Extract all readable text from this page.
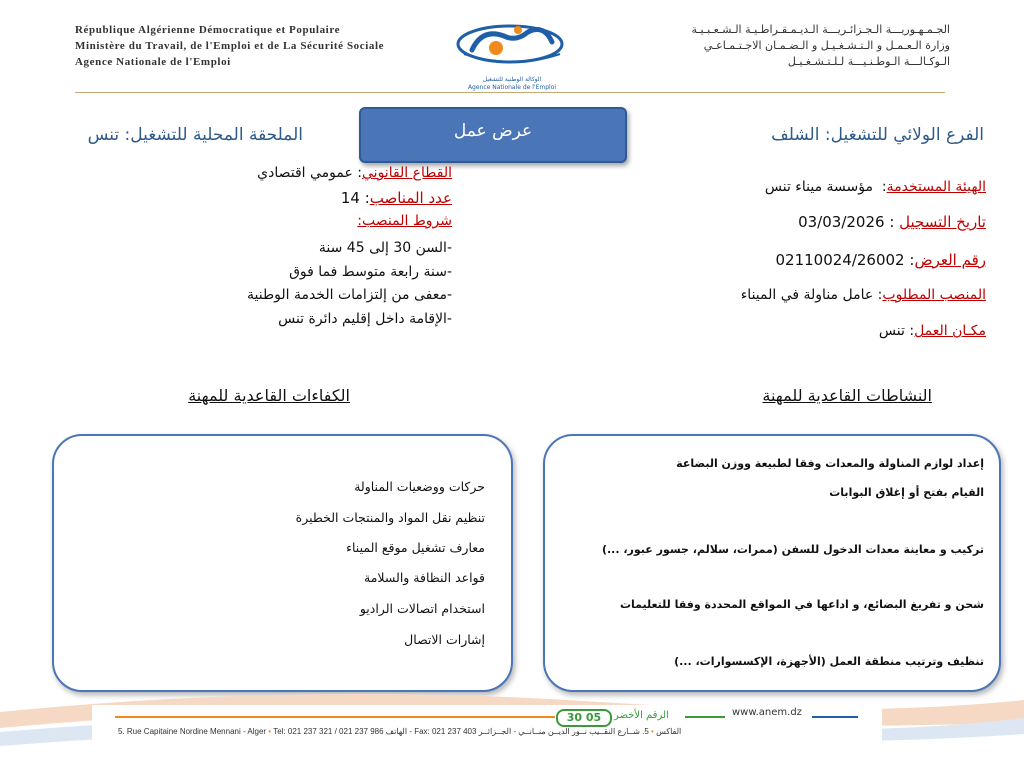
République Algérienne Démocratique et Populaire
Ministère du Travail, de l'Emploi et de La Sécurité Sociale
Agence Nationale de l'Emploi
الوكالة الوطنية للتشغيل
Agence Nationale de l'Emploi
الجـمـهـوريـــة الـجـزائـريـــة الـديـمـقـراطـيـة الـشـعـبـيـة
وزارة الـعـمـل و الـتـشـغـيـل و الـضـمـان الاجـتـمـاعـي
الـوكـالـــة الـوطـنـيـــة لـلـتـشـغـيـل
الفرع الولائي للتشغيل: الشلف
الملحقة المحلية للتشغيل: تنس	عرض عمل
الهيئة المستخدمة:  مؤسسة ميناء تنس
تاريخ التسجيل : 03/03/2026
رقم العرض: 02110024/26002
المنصب المطلوب: عامل مناولة في الميناء
مكـان العمل: تنس
القطاع القانوني: عمومي اقتصادي
عدد المناصب: 14
شروط المنصب:
-السن 30 إلى 45 سنة
-سنة رابعة متوسط فما فوق
-معفى من إلتزامات الخدمة الوطنية
-الإقامة داخل إقليم دائرة تنس
النشاطات القاعدية للمهنة
الكفاءات القاعدية للمهنة
إعداد لوازم المناولة والمعدات وفقا لطبيعة ووزن البضاعة
القيام بفتح أو إغلاق البوابات
تركيب و معاينة معدات الدخول للسفن (ممرات، سلالم، جسور عبور، ...)
شحن و تفريغ البضائع، و اداعها في المواقع المحددة وفقا للتعليمات
تنظيف وترتيب منطقة العمل (الأجهزة، الإكسسوارات، ...)
حركات ووضعيات المناولة
تنظيم نقل المواد والمنتجات الخطيرة
معارف تشغيل موقع الميناء
قواعد النظافة والسلامة
استخدام اتصالات الراديو
إشارات الاتصال
30 05	الرقم الأخضر	www.anem.dz
5. Rue Capitaine Nordine Mennani - Alger • Tel: 021 237 321 / 021 237 986 الهاتف - Fax: 021 237 403	الفاكس • 5. شــارع النقــيب نــور الديــن منــانــي - الجــزائــر
